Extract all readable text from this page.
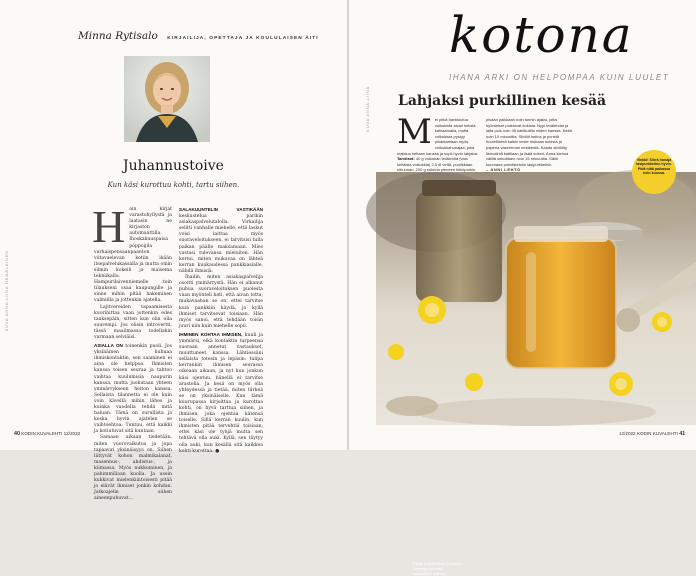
Minna Rytisalo KIRJAILIJA, OPETTAJA JA KOULULAISEN ÄITI
Juhannustoive
Kun käsi kurottuu kohti, tartu siihen.
KUVA ANNA-LIINA HÄMÄLÄINEN
H ain kirjat varastohyllystä ja laatasin ne kirjaston automaattilla. Ihoskakuuspaisa pöppoijila varhaispensaanpaanton viitavaelevan kotiin ikään itsepalvelukassalla ja mutta omin silmin kokeili ja maisema tekniikallu. Hampurilaivenniemelle tein tilaukseni ssaa kaupungille ja sinne mihin pitää hakeminen valmiilla ja jottenkin ajatella.

Lajitvereiden tapaamisesta kuorinittaa vaan jottenkin edes taaksepäin, sitten kun olin olla suurempi. Jos olisin introvertti, tässä maailmassa todellakin varmaan selviäisi.

ASIALLA ON toinenkin puoli. Jos yksinäinen huhuaa ihmiskontaktin, sen saaminen ei aina ole helppoa. Ihmisten kanssa toisen seuraa ja tahtoo vaihtaa kuulumisia naapurin kanssa, mutta juokutaan yhteen ymmärrykseen heiton kanssa. Sellaista tilannetta ei ole kuin voin kävellä mihin lähes ja kuinka vuodella tehdä mitä haluan. Tämä on surullista ja koska hyvin ajatelen se vaihtoehtoa. Tuntuu, että kaikki ja kotiutuvat sitä kuntaan.

Samaan aikaan tiedetään, miten vuorovaikutus ja jopa tapaavat yksinäisyys on. Siihen liittyvät kohon malmikalanat, masennus-, ahdistus-, ja kiimassa. Myös nukkuminen, ja pahimmillaan kuolla. Ja usein kukkivat mielenkiintoisesti pitää jo elävät ihmiset jonkin kohdan. Jatkoajelin siihen aineenpuhuvat...

SALAKUUNTELIN VASTIKÄÄN keskustelua parikin asiakaspalvelutalolla. Virkailija selitti vanhalle miehelle, että laskut voisi laittaa myös suoraveloitukseen, ei tarvitsisi tulla paikan päälle maksamaan. Mies vastasi tulevansa mieluiten. Hän kertoi, miten mukavaa on lähteä kerran kuukaudessa pankkiasialle, nähdä ihmisiä.

Ihailin, miten asiakaspalvelija osoitti ymmärrystä. Hän ei alkanut puhua suoraveloituksen puolesta vaan myönteli heti, että aivan totta, mukavaahan se on, ettei tarvitse kuin pankkiin käydä, ja kyllä ihmiset tarvitsevat toisiaan. Hän myös sanoi, että tehdään toisin juuri niin kuin miehelle sopii.

IHMINEN KOHTAA IHMISEN, kuuli ja ymmärsi, eikä kontaktin tarpeensa suoraan annetut vastaukset, muuttuneet kanssa. Lähtiessäni sellaista totesin ja lepäsin: tulipa kerrankin ihmisen seurassa oikeaan aikaan, ja nyt kun jonkun käsi ojentuu, hänellä ei tarvitse arastella. Ja kesä on myös olla yhteydessä ja tietää, miten tärkeä se on yksinäiselle. Kun tämä kuurupassa kirjoittaa ja kurottaa kohti, on hyvä tarttua siihen, ja ihmisen, joka ojentaa kätensä toiselle. Sillä kerran kuulin, kun ihmisten pitää tervehtiä toisiaan, ettei käsi ole tyhjä mutta sen tehtävä olla auki. Kyllä, sen täytyy olla auki, kun kesällä sitä kaikkea kohti kurottaa. ●

40 KODIN KUVALEHTI 12/2022
kotona
IHANA ARKI ON HELPOMPAA KUIN LUULET
KUVA ANNA-LIINA Lahjaksi purkillinen kesää
M ei pitkä hankkiutua voikukista aivan keksiä kahlaamalla, mutta voikukista pystyy pikantamaan myös voikukkahunajaa, joka maistuu keltaan kanssa ja sopii hyvin lahjaksi. Tarvitset: 40 g voikukan terälehtiä (vain keltaisia voikukkia) 2,5 dl vettä, puolikkaan sitruunan, 200 g sokeria pieneen liriköpurkin.
pisaan paikkaan noin tunnin ajaksi, jotta hyönteiset poistuvat kukista. Nypi terälehdet ja laita pois noin 45 kattikuttiin niiden kanssa. Keitä noin 10 minuuttia. Siivilöi keitos ja puristä huolellisesti kaikki neste mukaan kukista ja paperia vasemman nesteestä. Kaada siivilöity lienvaihdi kattilaan ja lisää sokeri. Anna kiehua välillä sekoittaen noin 15 minuuttia. Säilö kuumana puhdistetuiin lasipurkkeihin.
– ANNI LEHTO
Pinan ingelimakas ja makka ilmestyy kauniisti kesästäkin noihan.
Vinkki! Siirrä hunaja lasipurkkeihin hyvin. Pidä niitä paikassa noin kuussa.
12/2022 KODIN KUVALEHTI 41
